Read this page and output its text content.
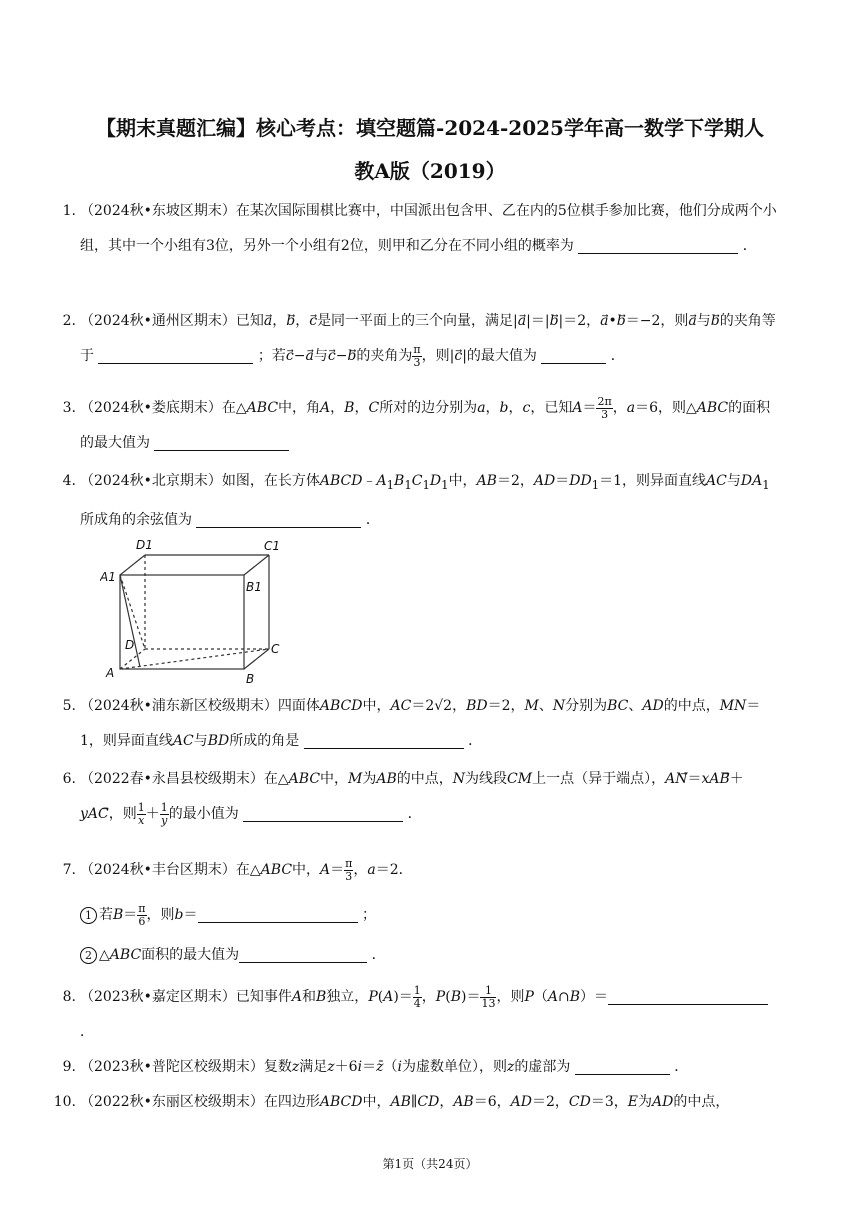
【期末真题汇编】核心考点：填空题篇-2024-2025学年高一数学下学期人
教A版（2019）
1. （2024秋•东坡区期末）在某次国际围棋比赛中，中国派出包含甲、乙在内的5位棋手参加比赛，他们分成两个小组，其中一个小组有3位，另外一个小组有2位，则甲和乙分在不同小组的概率为	．
2. （2024秋•通州区期末）已知a⃗，b⃗，c⃗是同一平面上的三个向量，满足|a⃗|＝|b⃗|＝2，a⃗•b⃗＝−2，则a⃗与b⃗的夹角等于	；若c⃗−a⃗与c⃗−b⃗的夹角为 $\frac{\pi}{3}$ ，则|c⃗|的最大值为	．
3. （2024秋•娄底期末）在△ABC中，角A，B，C所对的边分别为a，b，c，已知$A= \frac{2\pi}{3}$ ，a＝6，则△ABC的面积的最大值为
4. （2024秋•北京期末）如图，在长方体$ABCD﹣A_1B_1C_1D_1$中，AB＝2，$AD=DD_1=1$，则异面直线AC与$DA_1$所成角的余弦值为	．
D1	C1
A1
B1
D	C
A	B
5. （2024秋•浦东新区校级期末）四面体ABCD中，AC＝2√2，BD＝2，M、N分别为BC、AD的中点，MN＝1，则异面直线AC与BD所成的角是	．
6. （2022春•永昌县校级期末）在△ABC中，M为AB的中点，N为线段CM上一点（异于端点），AN⃗＝xAB⃗＋yAC⃗，则 $\frac{1}{x} + \frac{1}{y}$ 的最小值为	．
7. （2024秋•丰台区期末）在△ABC中，$A= \frac{\pi}{3}$ ，a＝2．
1 若$B= \frac{\pi}{6}$ ，则b＝	；
2 △ABC面积的最大值为	．
8. （2023秋•嘉定区期末）已知事件A和B独立，$P(A)= \frac{1}{4}$ ，$P(B)= \frac{1}{13}$ ，则P（A∩B）＝ ．
9. （2023秋•普陀区校级期末）复数z满足z＋6i＝z̄（i为虚数单位），则z的虚部为	．
10. （2022秋•东丽区校级期末）在四边形ABCD中，AB∥CD，AB＝6，AD＝2，CD＝3，E为AD的中点，
第1页（共24页）
